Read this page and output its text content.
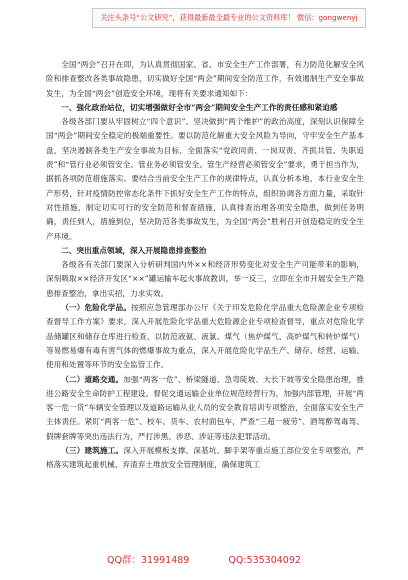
关注头条号“公文研究”，获得最新最全最专业的公文资料库！ 微信：gongwenyj

全国“两会”召开在即，为认真贯彻国家、省、市安全生产工作部署，有力防范化解安全风险和排查整改各类事故隐患，切实做好全国“两会”期间安全防范工作，有效遏制生产安全事故发生，为全国“两会”创造安全环境，现将有关要求通知如下：

一、强化政治站位，切实增强做好全市“两会”期间安全生产工作的责任感和紧迫感

各级各部门要从牢固树立“四个意识”、坚决做到“两个维护”的政治高度，深刻认识保障全国“两会”期间安全稳定的极端重要性。要以防范化解重大安全风险为导向，守牢安全生产基本盘，坚决遏制各类生产安全事故为目标，全面落实“党政同责、一岗双责、齐抓共管、失职追责”和“管行业必须管安全、管业务必须管安全、管生产经营必须管安全”要求，勇于担当作为，据抓各项防范措施落实。要结合当前安全生产工作的规律特点，认真分析本地、本行业安全生产形势，针对疫情防控常态化条件下抓好安全生产工作的特点，组织协调各方面力量，采取针对性措施，制定切实可行的安全防范和督查措施，认真排查治理各项安全隐患，做到任务明确，责任到人，措施到位，坚决防范各类事故发生，为全国“两会”胜利召开创造稳定的安全生产环境。

二、突出重点领域，深入开展隐患排查整治

各级各有关部门要深入分析研判国内外××和经济形势变化对安全生产可能带来的影响，深刻吸取××经济开发区“××”罐运输车起火事故教训，举一反三，立即在全市开展安全生产隐患排查整治，拿出实招，力求实效。

（一）危险化学品。按照应急管理部办公厅《关于印发危险化学品重大危险源企业专项检查督导工作方案》要求，深入开展危险化学品重大危险源企业专项检查督导，重点对危险化学品储罐区和储存仓库进行检查，以防范液氨、液氯、煤气（焦炉煤气、高炉煤气和转炉煤气）等易燃易爆有毒有害气体的燃爆事故为重点，深入开展危险化学品生产、储存、经营、运输、使用和处置等环节的安全监管工作。

（二）道路交通。加强“两客一危”、桥梁隧道、急弯陡坡、大长下坡等安全隐患治理，推进公路安全生命防护工程建设。督促交通运输企业单位规范经营行为，加强内部管理，开展“两客一危一货”车辆安全管理以及道路运输从业人员的安全教育培训专项整治，全面落实安全生产主体责任。紧盯“两客一危”、校车、货车、农村面包车，严查“三超一疲劳”、酒驾醉驾毒驾、假牌套牌等突出违法行为，严打涉黑、涉恶、涉证等违法犯罪活动。

（三）建筑施工。深入开展模板支撑、深基坑、脚手架等重点施工部位安全专项整治，严格落实建筑起重机械、弃渣弃土堆放安全管理制度，确保建筑工

QQ群：31991489	QQ:535304092
